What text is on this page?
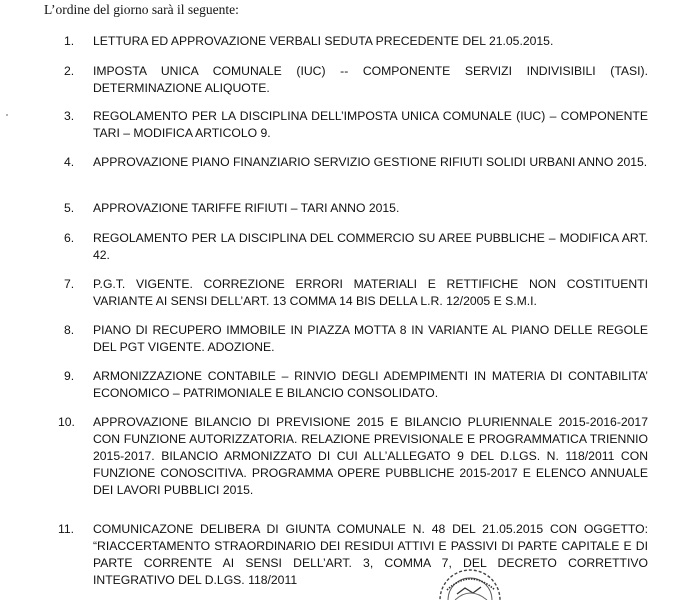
L’ordine del giorno sarà il seguente:
1.	LETTURA ED APPROVAZIONE VERBALI SEDUTA PRECEDENTE DEL 21.05.2015.

2.	IMPOSTA UNICA COMUNALE (IUC) -- COMPONENTE SERVIZI INDIVISIBILI (TASI). DETERMINAZIONE ALIQUOTE.

3.	REGOLAMENTO PER LA DISCIPLINA DELL’IMPOSTA UNICA COMUNALE (IUC) – COMPONENTE TARI – MODIFICA ARTICOLO 9.

4.	APPROVAZIONE PIANO FINANZIARIO SERVIZIO GESTIONE RIFIUTI SOLIDI URBANI ANNO 2015.

5.	APPROVAZIONE TARIFFE RIFIUTI – TARI ANNO 2015.

6.	REGOLAMENTO PER LA DISCIPLINA DEL COMMERCIO SU AREE PUBBLICHE – MODIFICA ART. 42.

7.	P.G.T. VIGENTE. CORREZIONE ERRORI MATERIALI E RETTIFICHE NON COSTITUENTI VARIANTE AI SENSI DELL’ART. 13 COMMA 14 BIS DELLA L.R. 12/2005 E S.M.I.

8.	PIANO DI RECUPERO IMMOBILE IN PIAZZA MOTTA 8 IN VARIANTE AL PIANO DELLE REGOLE DEL PGT VIGENTE. ADOZIONE.

9.	ARMONIZZAZIONE CONTABILE – RINVIO DEGLI ADEMPIMENTI IN MATERIA DI CONTABILITA’ ECONOMICO – PATRIMONIALE E BILANCIO CONSOLIDATO.

10.	APPROVAZIONE BILANCIO DI PREVISIONE 2015 E BILANCIO PLURIENNALE 2015-2016-2017 CON FUNZIONE AUTORIZZATORIA. RELAZIONE PREVISIONALE E PROGRAMMATICA TRIENNIO 2015-2017. BILANCIO ARMONIZZATO DI CUI ALL’ALLEGATO 9 DEL D.LGS. N. 118/2011 CON FUNZIONE CONOSCITIVA. PROGRAMMA OPERE PUBBLICHE 2015-2017 E ELENCO ANNUALE DEI LAVORI PUBBLICI 2015.

11.	COMUNICAZONE DELIBERA DI GIUNTA COMUNALE N. 48 DEL 21.05.2015 CON OGGETTO: “RIACCERTAMENTO STRAORDINARIO DEI RESIDUI ATTIVI E PASSIVI DI PARTE CAPITALE E DI PARTE CORRENTE AI SENSI DELL’ART. 3, COMMA 7, DEL DECRETO CORRETTIVO INTEGRATIVO DEL D.LGS. 118/2011
